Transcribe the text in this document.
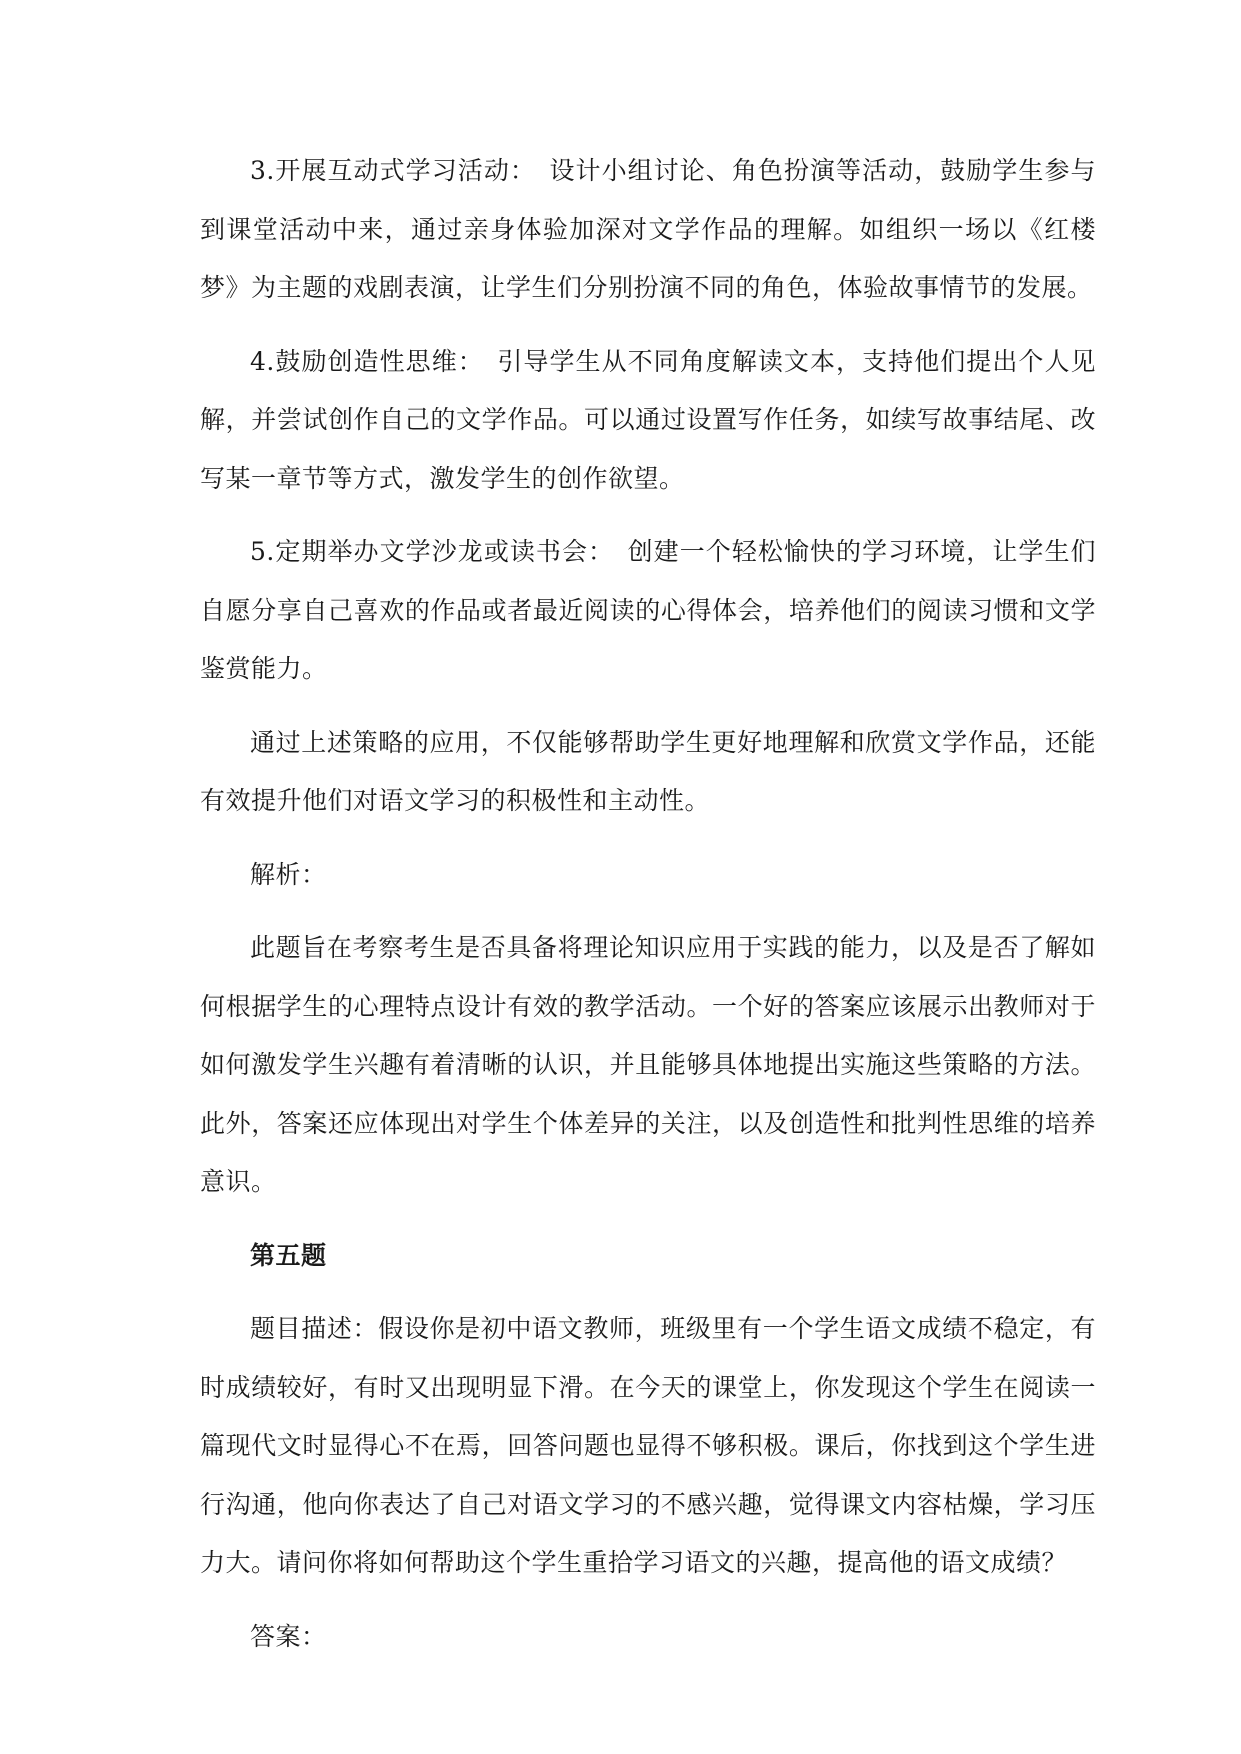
3.开展互动式学习活动：　设计小组讨论、角色扮演等活动，鼓励学生参与到课堂活动中来，通过亲身体验加深对文学作品的理解。如组织一场以《红楼梦》为主题的戏剧表演，让学生们分别扮演不同的角色，体验故事情节的发展。

4.鼓励创造性思维：　引导学生从不同角度解读文本，支持他们提出个人见解，并尝试创作自己的文学作品。可以通过设置写作任务，如续写故事结尾、改写某一章节等方式，激发学生的创作欲望。

5.定期举办文学沙龙或读书会：　创建一个轻松愉快的学习环境，让学生们自愿分享自己喜欢的作品或者最近阅读的心得体会，培养他们的阅读习惯和文学鉴赏能力。

通过上述策略的应用，不仅能够帮助学生更好地理解和欣赏文学作品，还能有效提升他们对语文学习的积极性和主动性。

解析：

此题旨在考察考生是否具备将理论知识应用于实践的能力，以及是否了解如何根据学生的心理特点设计有效的教学活动。一个好的答案应该展示出教师对于如何激发学生兴趣有着清晰的认识，并且能够具体地提出实施这些策略的方法。此外，答案还应体现出对学生个体差异的关注，以及创造性和批判性思维的培养意识。

第五题

题目描述：假设你是初中语文教师，班级里有一个学生语文成绩不稳定，有时成绩较好，有时又出现明显下滑。在今天的课堂上，你发现这个学生在阅读一篇现代文时显得心不在焉，回答问题也显得不够积极。课后，你找到这个学生进行沟通，他向你表达了自己对语文学习的不感兴趣，觉得课文内容枯燥，学习压力大。请问你将如何帮助这个学生重拾学习语文的兴趣，提高他的语文成绩？

答案：
